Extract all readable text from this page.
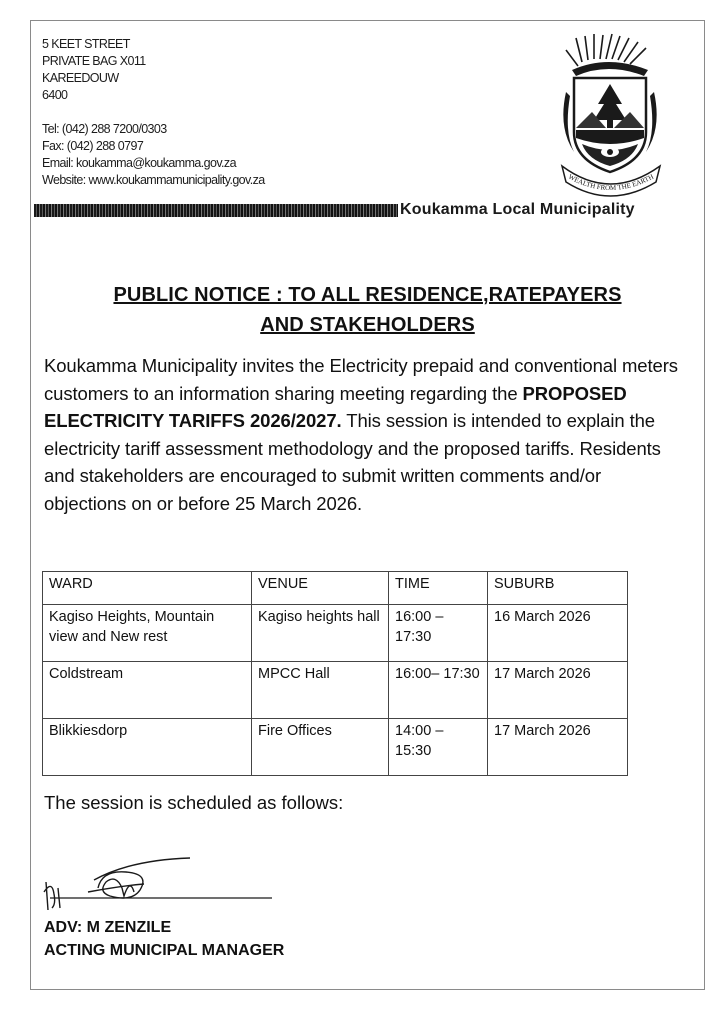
5 KEET STREET
PRIVATE BAG X011
KAREEDOUW
6400
Tel: (042) 288 7200/0303
Fax: (042) 288 0797
Email: koukamma@koukamma.gov.za
Website: www.koukammamunicipality.gov.za	WEALTH FROM THE EARTH
Koukamma Local Municipality
PUBLIC NOTICE : TO ALL RESIDENCE,RATEPAYERS
AND STAKEHOLDERS
Koukamma Municipality invites the Electricity prepaid and conventional meters customers to an information sharing meeting regarding the PROPOSED ELECTRICITY TARIFFS 2026/2027. This session is intended to explain the electricity tariff assessment methodology and the proposed tariffs. Residents and stakeholders are encouraged to submit written comments and/or objections on or before 25 March 2026.
WARD	VENUE	TIME	SUBURB
Kagiso Heights, Mountain view and New rest	Kagiso heights hall	16:00 – 17:30	16 March 2026
Coldstream	MPCC Hall	16:00– 17:30	17 March 2026
Blikkiesdorp	Fire Offices	14:00 – 15:30	17 March 2026
The session is scheduled as follows:
ADV: M ZENZILE
ACTING MUNICIPAL MANAGER
